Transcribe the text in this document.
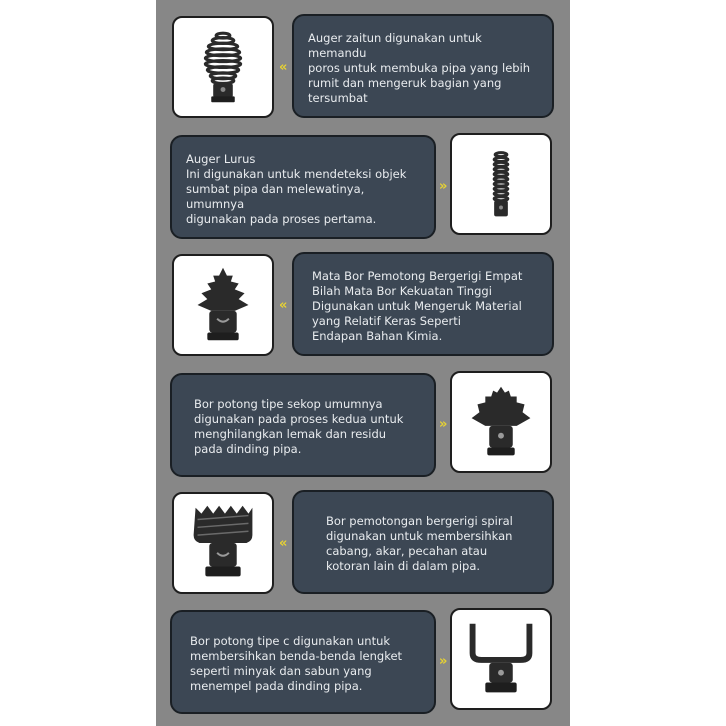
Auger zaitun digunakan untuk memandu
poros untuk membuka pipa yang lebih
rumit dan mengeruk bagian yang
tersumbat
«
Auger Lurus
Ini digunakan untuk mendeteksi objek
sumbat pipa dan melewatinya, umumnya
digunakan pada proses pertama.
»
Mata Bor Pemotong Bergerigi Empat
Bilah Mata Bor Kekuatan Tinggi
Digunakan untuk Mengeruk Material
yang Relatif Keras Seperti
Endapan Bahan Kimia.
«
Bor potong tipe sekop umumnya
digunakan pada proses kedua untuk
menghilangkan lemak dan residu
pada dinding pipa.
»
Bor pemotongan bergerigi spiral
digunakan untuk membersihkan
cabang, akar, pecahan atau
kotoran lain di dalam pipa.
«
Bor potong tipe c digunakan untuk
membersihkan benda-benda lengket
seperti minyak dan sabun yang
menempel pada dinding pipa.
»
